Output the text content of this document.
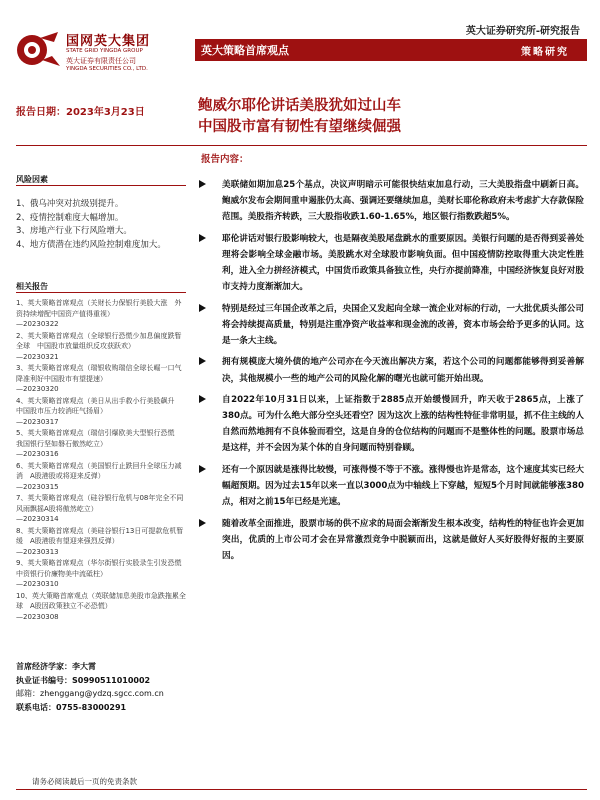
国网英大集团
STATE GRID YINGDA GROUP
英大证券有限责任公司
YINGDA SECURITIES CO., LTD.
英大证券研究所-研究报告
英大策略首席观点	策略研究
报告日期：2023年3月23日	鲍威尔耶伦讲话美股犹如过山车
中国股市富有韧性有望继续倔强
报告内容：
风险因素
1、俄乌冲突对抗级别提升。
2、疫情控制难度大幅增加。
3、房地产行业下行风险增大。
4、地方债潜在违约风险控制难度加大。
相关报告
1、英大策略首席观点（关财长力保银行美股大涨　外资持续增配中国资产值得重视）
—20230322
2、英大策略首席观点（全球银行恐慌少加息偏度跌暂全球　中国股市放量组织反攻获跃欢）
—20230321
3、英大策略首席观点（瑞银收购瑞信全球长崛一口气　降准利好中国股市有望提速）
—20230320
4、英大策略首席观点（美日从出手救小行美股飙升　中国股市压力较消旺气扬眉）
—20230317
5、英大策略首席观点（瑞信引爆欧美大型银行恐慌　我国银行坚如磐石傲然屹立）
—20230316
6、英大策略首席观点（美国银行止跌回升全球压力减消　A股港股或将迎来反弹）
—20230315
7、英大策略首席观点（硅谷银行危机与08年完全不同　风雨飘摇A股将傲然屹立）
—20230314
8、英大策略首席观点（美硅谷银行13日可提款危机暂缓　A股港股有望迎来强烈反弹）
—20230313
9、英大策略首席观点（华尔街银行实股录生引发恐慌　中资银行价廉物美中流砥柱）
—20230310
10、英大策略首席观点（英联储加息美股市急跌拖累全球　A股因政策独立不必恐慌）
—20230308
首席经济学家：李大霄
执业证书编号：S0990511010002
邮箱：zhenggang@ydzq.sgcc.com.cn
联系电话：0755-83000291
美联储如期加息25个基点，决议声明暗示可能很快结束加息行动，三大美股指盘中刷新日高。鲍威尔发布会期间重申遏胀仍太高、强调还要继续加息，美财长耶伦称政府未考虑扩大存款保险范围。美股指齐转跌，三大股指收跌1.60-1.65%，地区银行指数跌超5%。
耶伦讲话对银行股影响较大，也是隔夜美股尾盘跳水的重要原因。美银行问题的是否得到妥善处理将会影响全球金融市场。美股跳水对全球股市影响负面。但中国疫情防控取得重大决定性胜利，进入全力拼经济模式，中国货币政策具备独立性，央行亦提前降准，中国经济恢复良好对股市支持力度渐渐加大。
特别是经过三年国企改革之后，央国企又发起向全球一流企业对标的行动，一大批优质头部公司将会持续提高质量，特别是注重净资产收益率和现金流的改善，资本市场会给予更多的认同。这是一条大主线。
拥有规模庞大境外债的地产公司亦在今天流出解决方案，若这个公司的问题都能够得到妥善解决，其他规模小一些的地产公司的风险化解的曙光也就可能开始出现。
自2022年10月31日以来，上证指数于2885点开始缓慢回升，昨天收于2865点，上涨了380点。可为什么绝大部分空头还看空？因为这次上涨的结构性特征非常明显，抓不住主线的人自然而然地拥有不良体验而看空，这是自身的仓位结构的问题而不是整体性的问题。股票市场总是这样，并不会因为某个体的自身问题而特别眷顾。
还有一个原因就是涨得比较慢，可涨得慢不等于不涨。涨得慢也许是常态，这个速度其实已经大幅超预期。因为过去15年以来一直以3000点为中轴线上下穿越，短短5个月时间就能够涨380点，相对之前15年已经是光速。
随着改革全面推进，股票市场的供不应求的局面会渐渐发生根本改变，结构性的特征也许会更加突出，优质的上市公司才会在异常激烈竞争中脱颖而出，这就是做好人买好股得好报的主要原因。
请务必阅读最后一页的免责条款
